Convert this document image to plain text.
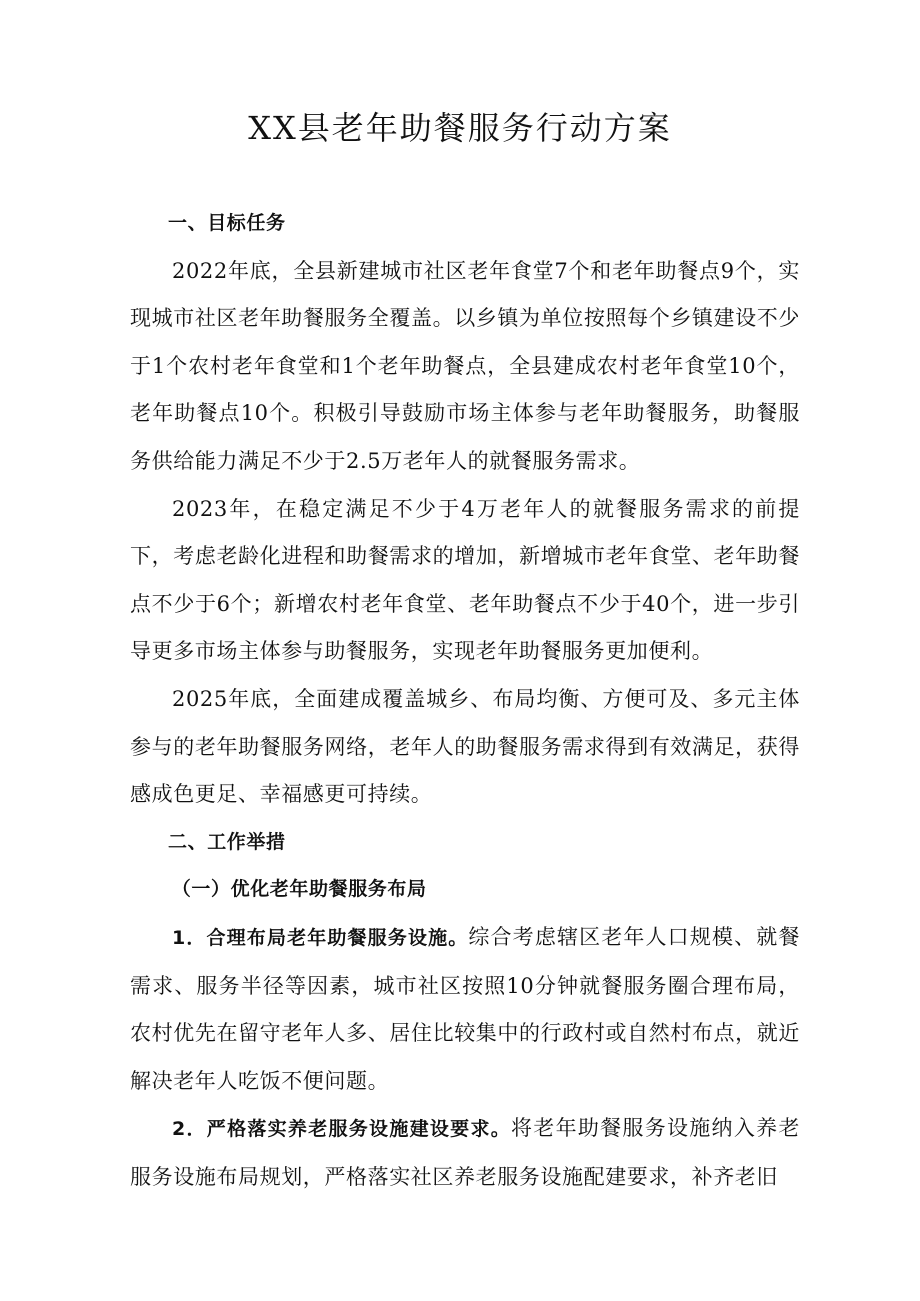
XX县老年助餐服务行动方案

一、目标任务

2022年底，全县新建城市社区老年食堂7个和老年助餐点9个，实现城市社区老年助餐服务全覆盖。以乡镇为单位按照每个乡镇建设不少于1个农村老年食堂和1个老年助餐点，全县建成农村老年食堂10个，老年助餐点10个。积极引导鼓励市场主体参与老年助餐服务，助餐服务供给能力满足不少于2.5万老年人的就餐服务需求。

2023年，在稳定满足不少于4万老年人的就餐服务需求的前提下，考虑老龄化进程和助餐需求的增加，新增城市老年食堂、老年助餐点不少于6个；新增农村老年食堂、老年助餐点不少于40个，进一步引导更多市场主体参与助餐服务，实现老年助餐服务更加便利。

2025年底，全面建成覆盖城乡、布局均衡、方便可及、多元主体参与的老年助餐服务网络，老年人的助餐服务需求得到有效满足，获得感成色更足、幸福感更可持续。

二、工作举措

（一）优化老年助餐服务布局

1．合理布局老年助餐服务设施。综合考虑辖区老年人口规模、就餐需求、服务半径等因素，城市社区按照10分钟就餐服务圈合理布局，农村优先在留守老年人多、居住比较集中的行政村或自然村布点，就近解决老年人吃饭不便问题。

2．严格落实养老服务设施建设要求。将老年助餐服务设施纳入养老服务设施布局规划，严格落实社区养老服务设施配建要求，补齐老旧
